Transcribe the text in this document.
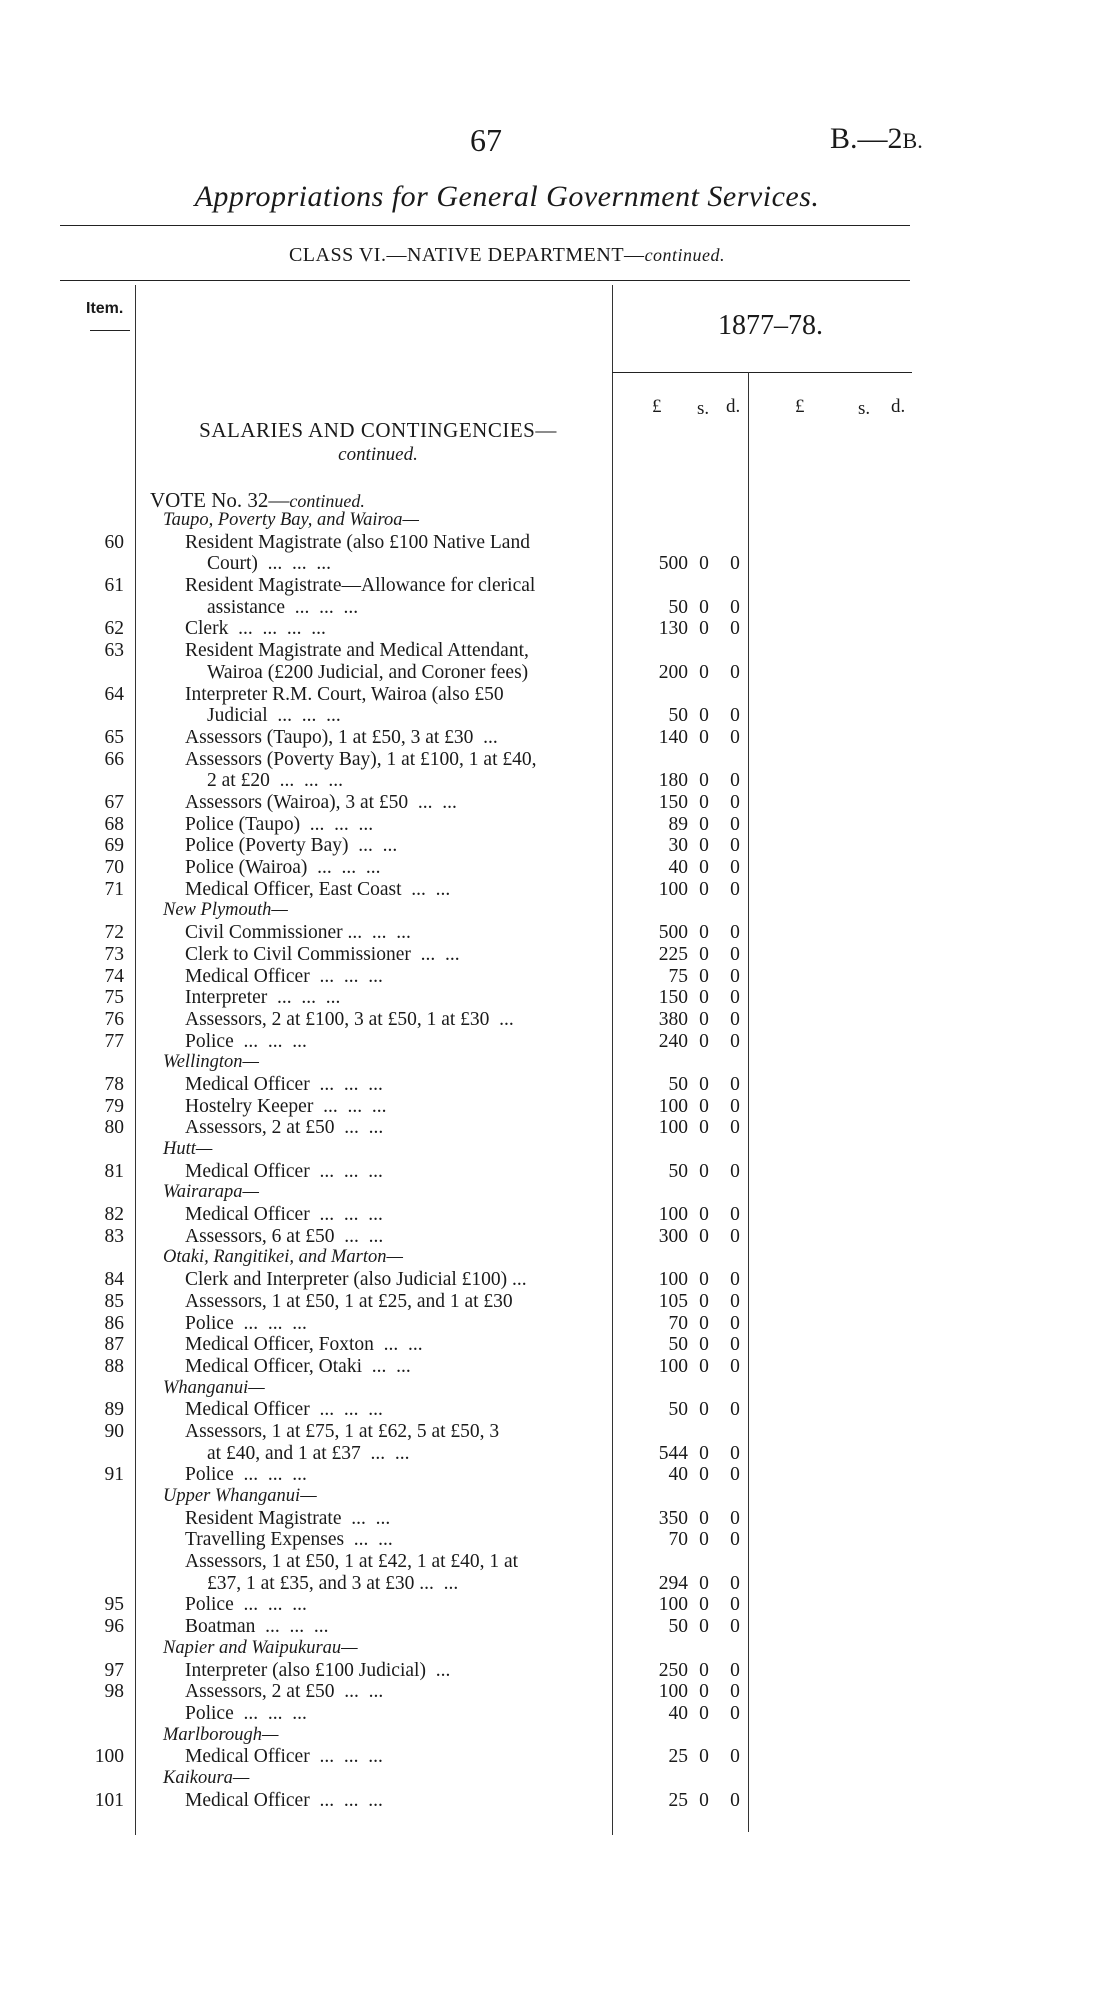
67	B.—2B.
Appropriations for General Government Services.
CLASS VI.—NATIVE DEPARTMENT—continued.
Item.
1877–78.
£ s. d.	£	s. d.
SALARIES AND CONTINGENCIES—
continued.
VOTE No. 32—continued.
Taupo, Poverty Bay, and Wairoa—
60	Resident Magistrate (also £100 Native Land
Court)  ...  ...  ...	500 0	0
61	Resident Magistrate—Allowance for clerical
assistance  ...  ...  ...	50 0	0
62	Clerk  ...  ...  ...  ...	130 0	0
63	Resident Magistrate and Medical Attendant,
Wairoa (£200 Judicial, and Coroner fees)	200 0	0
64	Interpreter R.M. Court, Wairoa (also £50
Judicial  ...  ...  ...	50 0	0
65	Assessors (Taupo), 1 at £50, 3 at £30  ...	140 0	0
66	Assessors (Poverty Bay), 1 at £100, 1 at £40,
2 at £20  ...  ...  ...	180 0	0
67	Assessors (Wairoa), 3 at £50  ...  ...	150 0	0
68	Police (Taupo)  ...  ...  ...	89 0	0
69	Police (Poverty Bay)  ...  ...	30 0	0
70	Police (Wairoa)  ...  ...  ...	40 0	0
71	Medical Officer, East Coast  ...  ...	100 0	0
New Plymouth—
72	Civil Commissioner ...  ...  ...	500 0	0
73	Clerk to Civil Commissioner  ...  ...	225 0	0
74	Medical Officer  ...  ...  ...	75 0	0
75	Interpreter  ...  ...  ...	150 0	0
76	Assessors, 2 at £100, 3 at £50, 1 at £30  ...	380 0	0
77	Police  ...  ...  ...	240 0	0
Wellington—
78	Medical Officer  ...  ...  ...	50 0	0
79	Hostelry Keeper  ...  ...  ...	100 0	0
80	Assessors, 2 at £50  ...  ...	100 0	0
Hutt—
81	Medical Officer  ...  ...  ...	50 0	0
Wairarapa—
82	Medical Officer  ...  ...  ...	100 0	0
83	Assessors, 6 at £50  ...  ...	300 0	0
Otaki, Rangitikei, and Marton—
84	Clerk and Interpreter (also Judicial £100) ...	100 0	0
85	Assessors, 1 at £50, 1 at £25, and 1 at £30	105 0	0
86	Police  ...  ...  ...	70 0	0
87	Medical Officer, Foxton  ...  ...	50 0	0
88	Medical Officer, Otaki  ...  ...	100 0	0
Whanganui—
89	Medical Officer  ...  ...  ...	50 0	0
90	Assessors, 1 at £75, 1 at £62, 5 at £50, 3
at £40, and 1 at £37  ...  ...	544 0	0
91	Police  ...  ...  ...	40 0	0
Upper Whanganui—
Resident Magistrate  ...  ...	350 0	0
Travelling Expenses  ...  ...	70 0	0
Assessors, 1 at £50, 1 at £42, 1 at £40, 1 at
£37, 1 at £35, and 3 at £30 ...  ...	294 0	0
95	Police  ...  ...  ...	100 0	0
96	Boatman  ...  ...  ...	50 0	0
Napier and Waipukurau—
97	Interpreter (also £100 Judicial)  ...	250 0	0
98	Assessors, 2 at £50  ...  ...	100 0	0
Police  ...  ...  ...	40 0	0
Marlborough—
100	Medical Officer  ...  ...  ...	25 0	0
Kaikoura—
101	Medical Officer  ...  ...  ...	25 0	0
